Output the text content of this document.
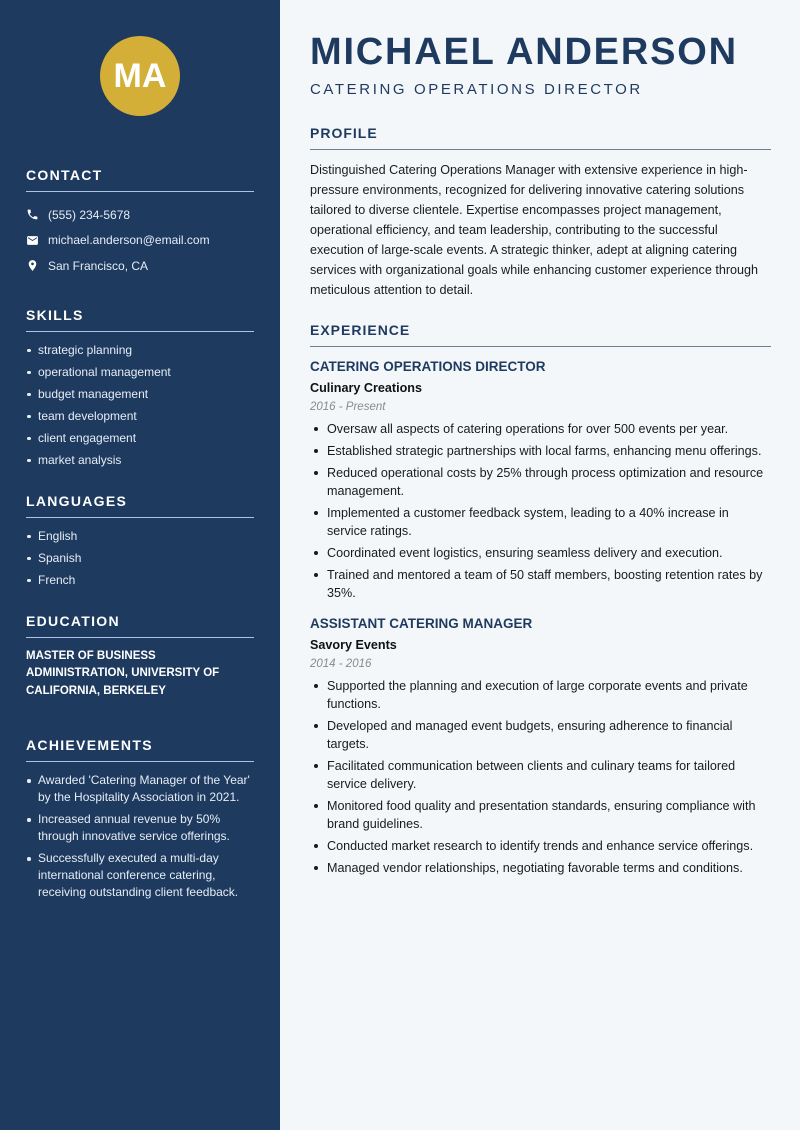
MA
CONTACT
(555) 234-5678
michael.anderson@email.com
San Francisco, CA
SKILLS
strategic planning
operational management
budget management
team development
client engagement
market analysis
LANGUAGES
English
Spanish
French
EDUCATION

MASTER OF BUSINESS ADMINISTRATION, UNIVERSITY OF CALIFORNIA, BERKELEY

ACHIEVEMENTS
Awarded 'Catering Manager of the Year' by the Hospitality Association in 2021.
Increased annual revenue by 50% through innovative service offerings.
Successfully executed a multi-day international conference catering, receiving outstanding client feedback.
MICHAEL ANDERSON
CATERING OPERATIONS DIRECTOR
PROFILE

Distinguished Catering Operations Manager with extensive experience in high-pressure environments, recognized for delivering innovative catering solutions tailored to diverse clientele. Expertise encompasses project management, operational efficiency, and team leadership, contributing to the successful execution of large-scale events. A strategic thinker, adept at aligning catering services with organizational goals while enhancing customer experience through meticulous attention to detail.

EXPERIENCE
CATERING OPERATIONS DIRECTOR
Culinary Creations
2016 - Present
Oversaw all aspects of catering operations for over 500 events per year.
Established strategic partnerships with local farms, enhancing menu offerings.
Reduced operational costs by 25% through process optimization and resource management.
Implemented a customer feedback system, leading to a 40% increase in service ratings.
Coordinated event logistics, ensuring seamless delivery and execution.
Trained and mentored a team of 50 staff members, boosting retention rates by 35%.
ASSISTANT CATERING MANAGER
Savory Events
2014 - 2016
Supported the planning and execution of large corporate events and private functions.
Developed and managed event budgets, ensuring adherence to financial targets.
Facilitated communication between clients and culinary teams for tailored service delivery.
Monitored food quality and presentation standards, ensuring compliance with brand guidelines.
Conducted market research to identify trends and enhance service offerings.
Managed vendor relationships, negotiating favorable terms and conditions.
